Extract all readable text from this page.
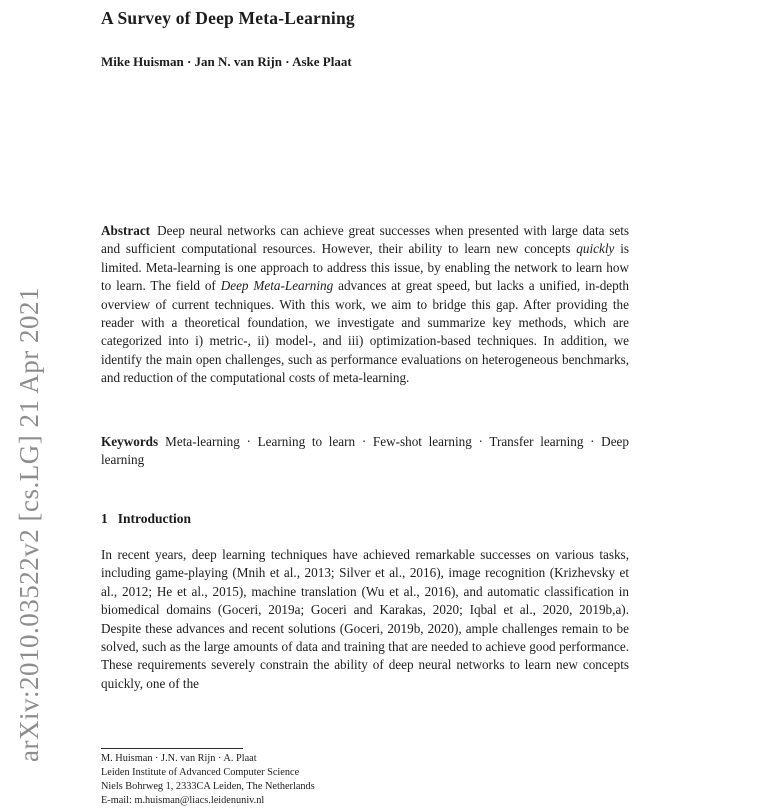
arXiv:2010.03522v2 [cs.LG] 21 Apr 2021
A Survey of Deep Meta-Learning
Mike Huisman · Jan N. van Rijn · Aske Plaat

Abstract Deep neural networks can achieve great successes when presented with large data sets and sufficient computational resources. However, their ability to learn new concepts quickly is limited. Meta-learning is one approach to address this issue, by enabling the network to learn how to learn. The field of Deep Meta-Learning advances at great speed, but lacks a unified, in-depth overview of current techniques. With this work, we aim to bridge this gap. After providing the reader with a theoretical foundation, we investigate and summarize key methods, which are categorized into i) metric-, ii) model-, and iii) optimization-based techniques. In addition, we identify the main open challenges, such as performance evaluations on heterogeneous benchmarks, and reduction of the computational costs of meta-learning.

Keywords Meta-learning · Learning to learn · Few-shot learning · Transfer learning · Deep learning

1 Introduction

In recent years, deep learning techniques have achieved remarkable successes on various tasks, including game-playing (Mnih et al., 2013; Silver et al., 2016), image recognition (Krizhevsky et al., 2012; He et al., 2015), machine translation (Wu et al., 2016), and automatic classification in biomedical domains (Goceri, 2019a; Goceri and Karakas, 2020; Iqbal et al., 2020, 2019b,a). Despite these advances and recent solutions (Goceri, 2019b, 2020), ample challenges remain to be solved, such as the large amounts of data and training that are needed to achieve good performance. These requirements severely constrain the ability of deep neural networks to learn new concepts quickly, one of the

M. Huisman · J.N. van Rijn · A. Plaat
Leiden Institute of Advanced Computer Science
Niels Bohrweg 1, 2333CA Leiden, The Netherlands
E-mail: m.huisman@liacs.leidenuniv.nl
